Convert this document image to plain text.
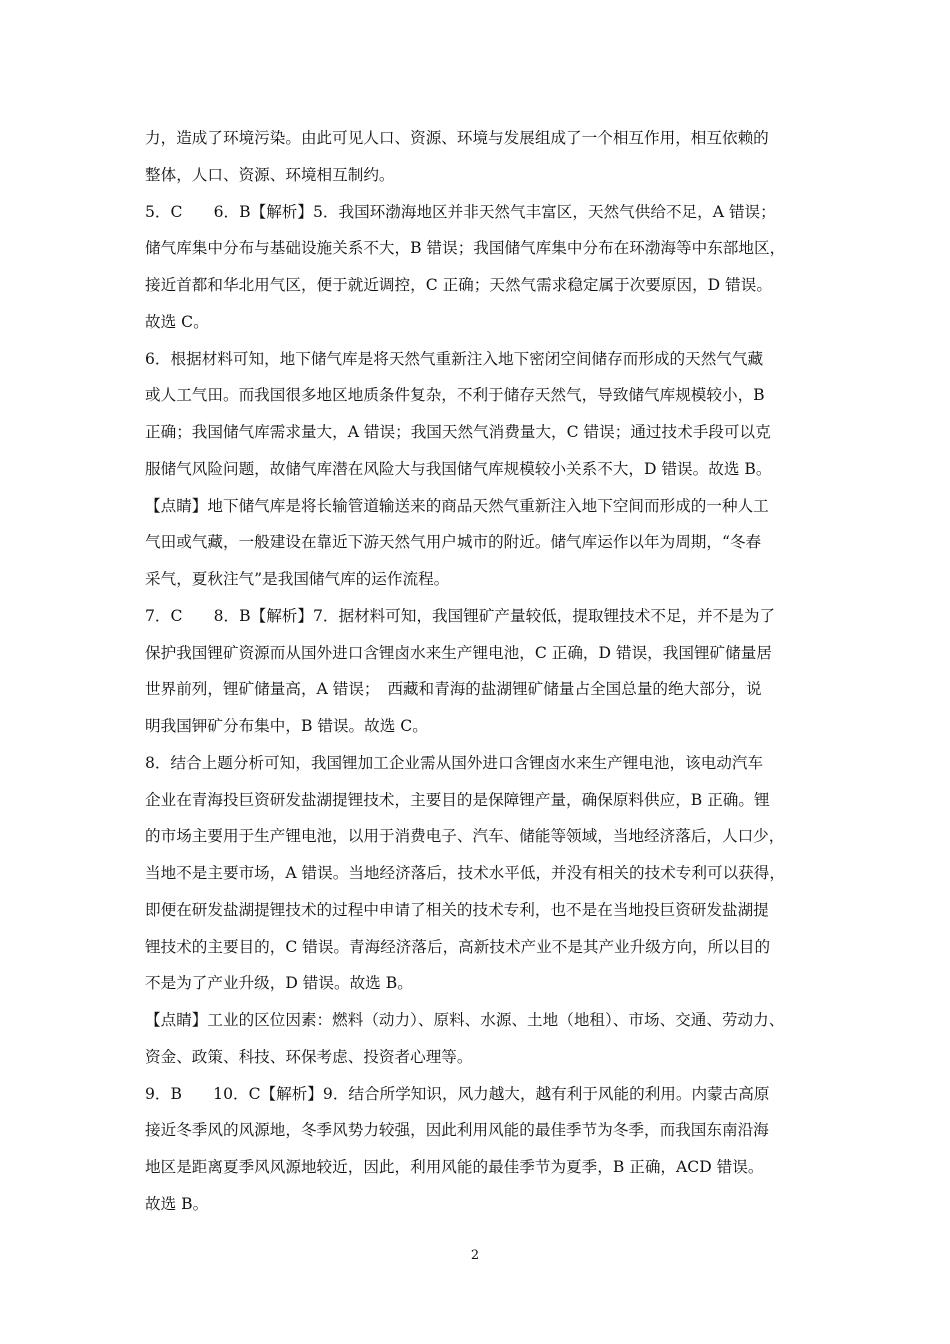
力，造成了环境污染。由此可见人口、资源、环境与发展组成了一个相互作用，相互依赖的
整体，人口、资源、环境相互制约。
5．C　　6．B【解析】5．我国环渤海地区并非天然气丰富区，天然气供给不足，A 错误；
储气库集中分布与基础设施关系不大，B 错误；我国储气库集中分布在环渤海等中东部地区，
接近首都和华北用气区，便于就近调控，C 正确；天然气需求稳定属于次要原因，D 错误。
故选 C。
6．根据材料可知，地下储气库是将天然气重新注入地下密闭空间储存而形成的天然气气藏
或人工气田。而我国很多地区地质条件复杂，不利于储存天然气，导致储气库规模较小，B
正确；我国储气库需求量大，A 错误；我国天然气消费量大，C 错误；通过技术手段可以克
服储气风险问题，故储气库潜在风险大与我国储气库规模较小关系不大，D 错误。故选 B。
【点睛】地下储气库是将长输管道输送来的商品天然气重新注入地下空间而形成的一种人工
气田或气藏，一般建设在靠近下游天然气用户城市的附近。储气库运作以年为周期，“冬春
采气，夏秋注气”是我国储气库的运作流程。
7．C　　8．B【解析】7．据材料可知，我国锂矿产量较低，提取锂技术不足，并不是为了
保护我国锂矿资源而从国外进口含锂卤水来生产锂电池，C 正确，D 错误，我国锂矿储量居
世界前列，锂矿储量高，A 错误；　西藏和青海的盐湖锂矿储量占全国总量的绝大部分，说
明我国钾矿分布集中，B 错误。故选 C。
8．结合上题分析可知，我国锂加工企业需从国外进口含锂卤水来生产锂电池，该电动汽车
企业在青海投巨资研发盐湖提锂技术，主要目的是保障锂产量，确保原料供应，B 正确。锂
的市场主要用于生产锂电池，以用于消费电子、汽车、储能等领域，当地经济落后，人口少，
当地不是主要市场，A 错误。当地经济落后，技术水平低，并没有相关的技术专利可以获得，
即便在研发盐湖提锂技术的过程中申请了相关的技术专利，也不是在当地投巨资研发盐湖提
锂技术的主要目的，C 错误。青海经济落后，高新技术产业不是其产业升级方向，所以目的
不是为了产业升级，D 错误。故选 B。
【点睛】工业的区位因素：燃料（动力）、原料、水源、土地（地租）、市场、交通、劳动力、
资金、政策、科技、环保考虑、投资者心理等。
9．B　　10．C【解析】9．结合所学知识，风力越大，越有利于风能的利用。内蒙古高原
接近冬季风的风源地，冬季风势力较强，因此利用风能的最佳季节为冬季，而我国东南沿海
地区是距离夏季风风源地较近，因此，利用风能的最佳季节为夏季，B 正确，ACD 错误。
故选 B。
2
